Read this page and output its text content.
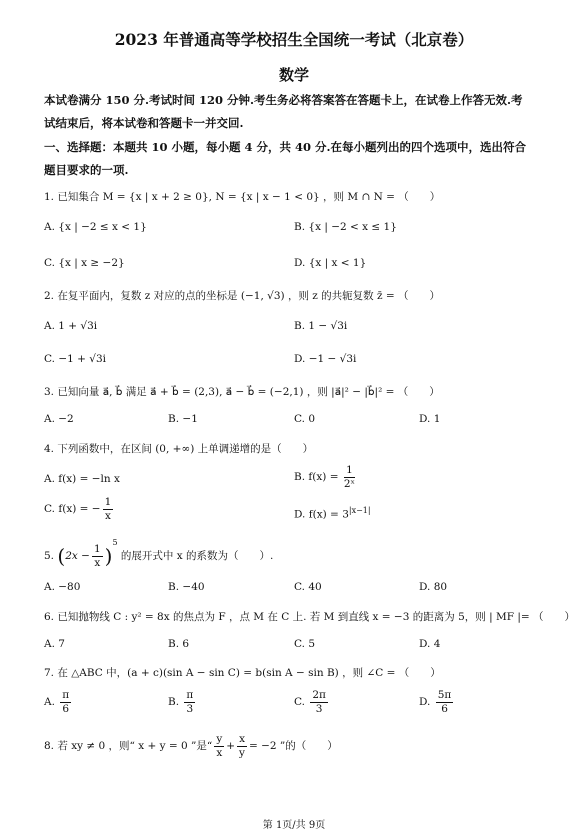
2023 年普通高等学校招生全国统一考试（北京卷）
数学
本试卷满分 150 分.考试时间 120 分钟.考生务必将答案答在答题卡上，在试卷上作答无效.考
试结束后，将本试卷和答题卡一并交回.
一、选择题：本题共 10 小题，每小题 4 分，共 40 分.在每小题列出的四个选项中，选出符合
题目要求的一项.
1. 已知集合 M = {x | x + 2 ≥ 0}, N = {x | x − 1 < 0} ，则 M ∩ N = （　　）
A. {x | −2 ≤ x < 1}	B. {x | −2 < x ≤ 1}
C. {x | x ≥ −2}	D. {x | x < 1}
2. 在复平面内，复数 z 对应的点的坐标是 (−1, √3) ，则 z 的共轭复数 z̄ = （　　）
A. 1 + √3i	B. 1 − √3i
C. −1 + √3i	D. −1 − √3i
3. 已知向量 a⃗, b⃗ 满足 a⃗ + b⃗ = (2,3), a⃗ − b⃗ = (−2,1) ，则 |a⃗|² − |b⃗|² = （　　）
A. −2	B. −1	C. 0	D. 1
4. 下列函数中，在区间 (0, +∞) 上单调递增的是（　　）
A. f(x) = −ln x	B. $f(x) = \frac{1}{\text{2ˣ}}$
C. f(x) = − $\frac{1}{x}$	D. $f(x) = 3^{|x-1|}$
5. $(2x - \frac{1}{x} )^5$ 的展开式中 x 的系数为（　　）.
A. −80	B. −40	C. 40	D. 80
6. 已知抛物线 C : y² = 8x 的焦点为 F ，点 M 在 C 上. 若 M 到直线 x = −3 的距离为 5，则 | MF |= （　　）
A. 7	B. 6	C. 5	D. 4
7. 在 △ABC 中，(a + c)(sin A − sin C) = b(sin A − sin B) ，则 ∠C = （　　）
A. $\frac{\pi}{6}$	B. $\frac{\pi}{3}$	C. $\frac{2\pi}{3}$	D. $\frac{5\pi}{6}$
8. 若 xy ≠ 0 ，则“ x + y = 0 ”是“ $\frac{y}{x} + \frac{x}{y} = -2$ ”的（　　）
第 1页/共 9页
